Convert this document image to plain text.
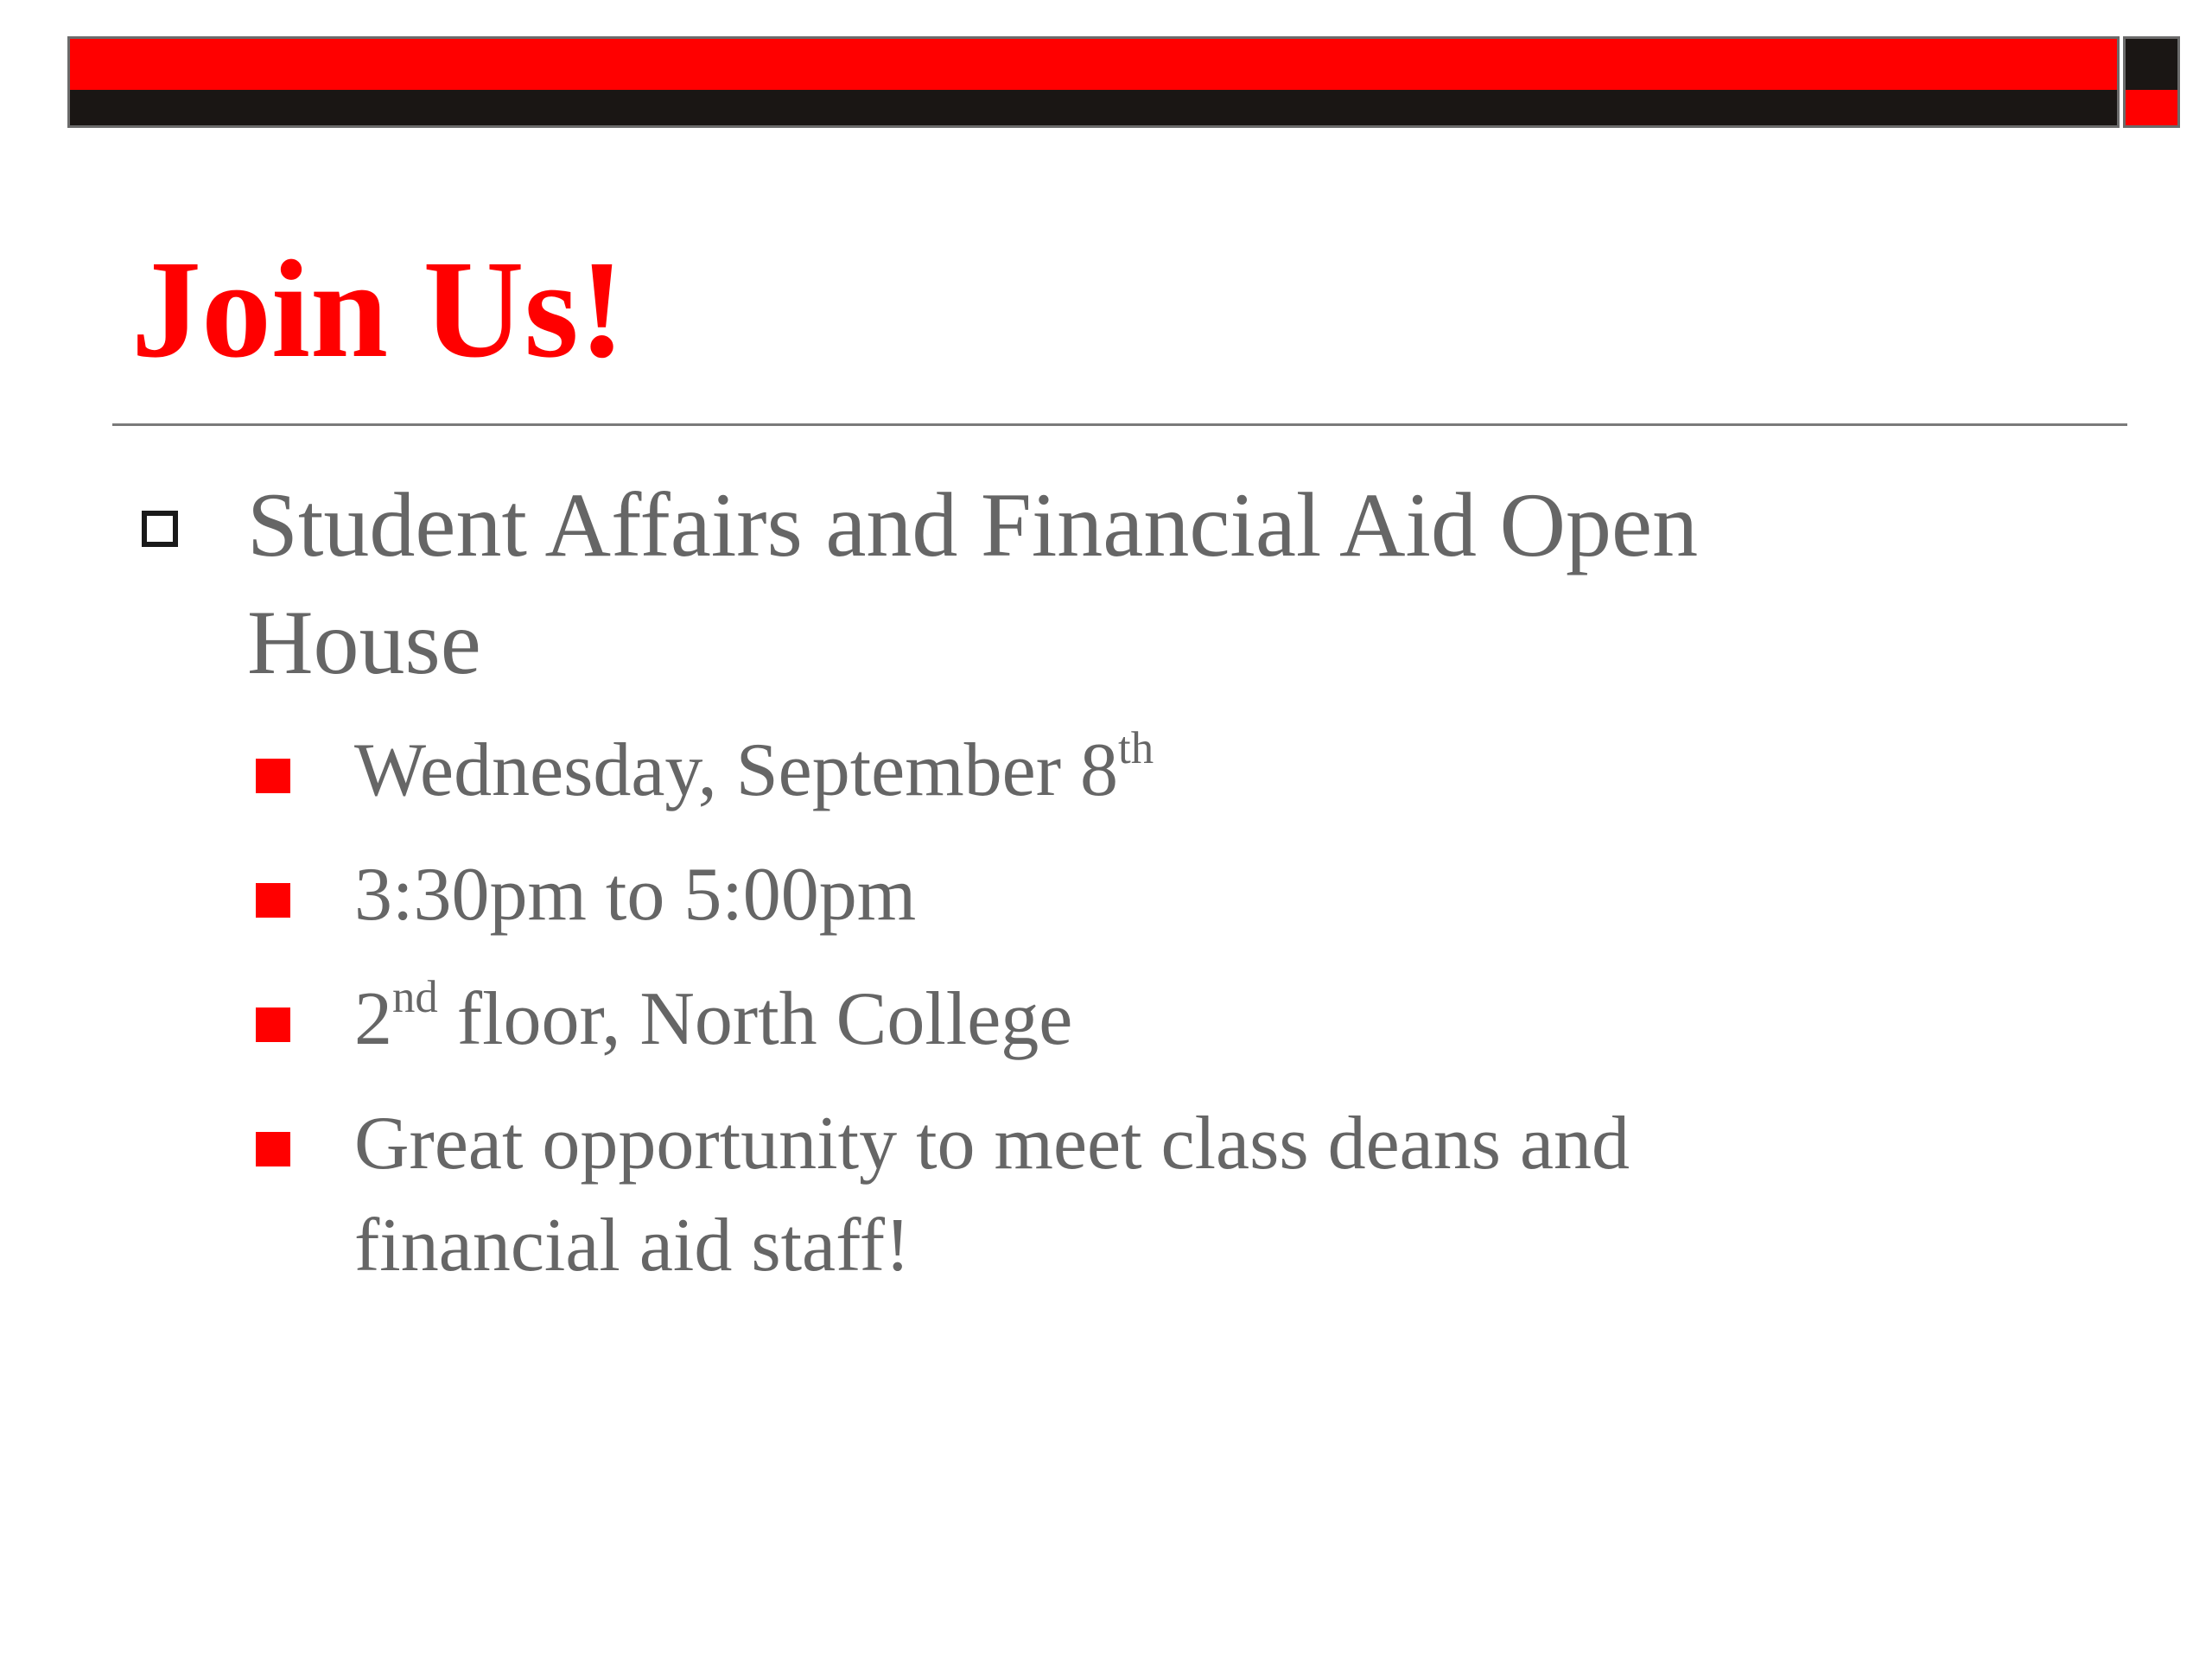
Join Us!

Student Affairs and Financial Aid Open House

Wednesday, September 8th

3:30pm to 5:00pm

2nd floor, North College

Great opportunity to meet class deans and financial aid staff!
